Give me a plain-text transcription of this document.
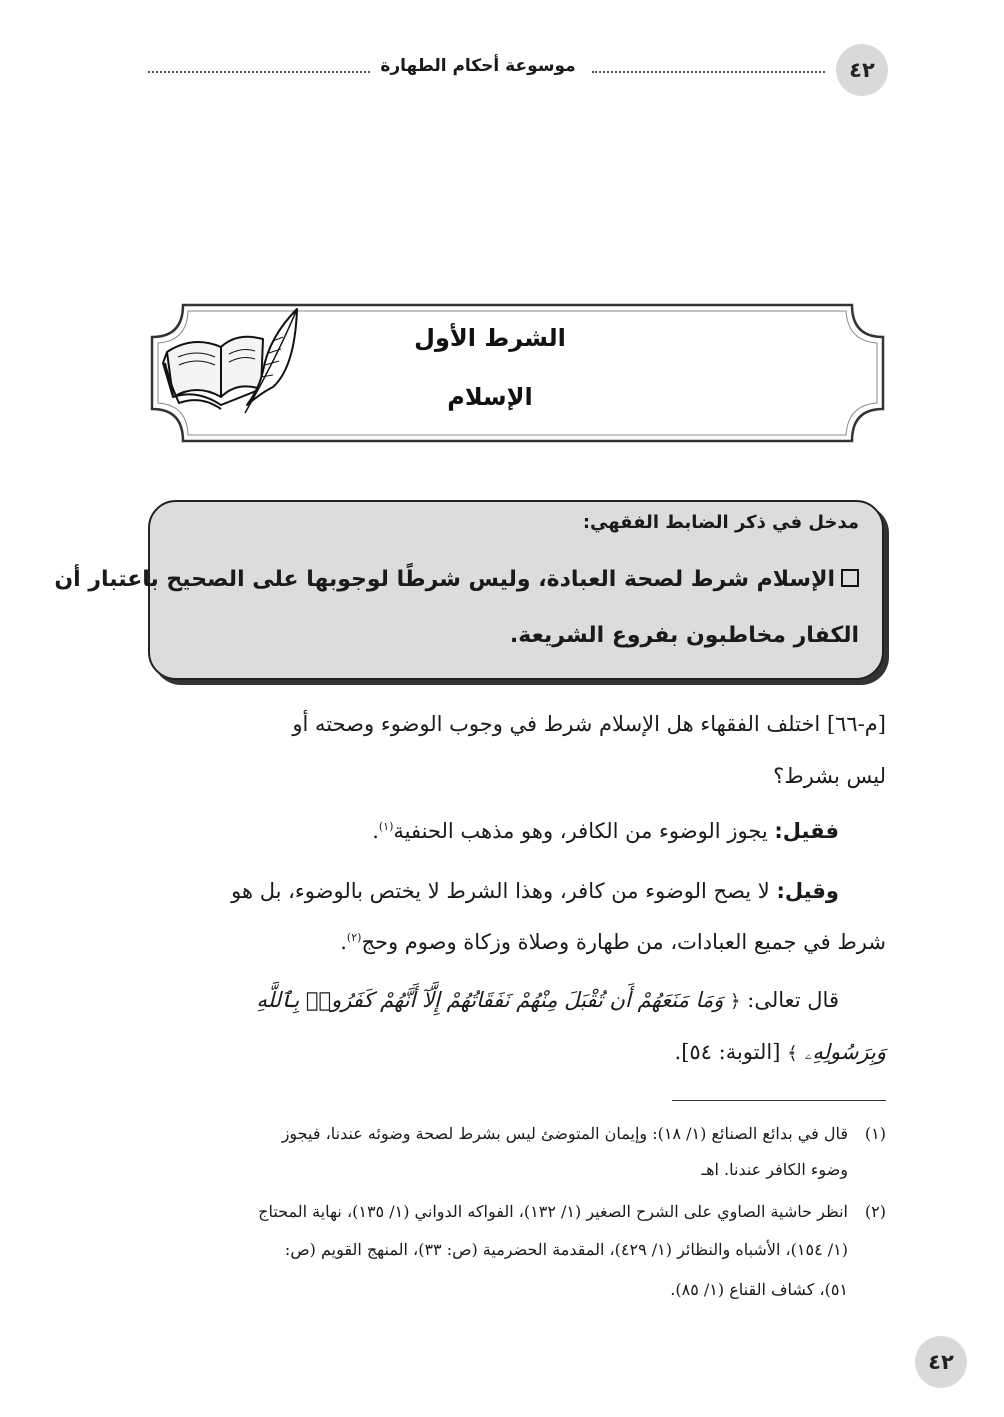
٤٢
موسوعة أحكام الطهارة
الشرط الأول
الإسلام
مدخل في ذكر الضابط الفقهي:
الإسلام شرط لصحة العبادة، وليس شرطًا لوجوبها على الصحيح باعتبار أن
الكفار مخاطبون بفروع الشريعة.
[م-٦٦] اختلف الفقهاء هل الإسلام شرط في وجوب الوضوء وصحته أو
ليس بشرط؟
فقيل: يجوز الوضوء من الكافر، وهو مذهب الحنفية$^{(١)}$.
وقيل: لا يصح الوضوء من كافر، وهذا الشرط لا يختص بالوضوء، بل هو
شرط في جميع العبادات، من طهارة وصلاة وزكاة وصوم وحج$^{(٢)}$.
قال تعالى: ﴿ وَمَا مَنَعَهُمْ أَن تُقْبَلَ مِنْهُمْ نَفَقَاتُهُمْ إِلَّآ أَنَّهُمْ كَفَرُوا۟ بِٱللَّهِ
وَبِرَسُولِهِۦ ﴾ [التوبة: ٥٤].
(١)قال في بدائع الصنائع (١/ ١٨): وإيمان المتوضئ ليس بشرط لصحة وضوئه عندنا، فيجوز
وضوء الكافر عندنا. اهـ
(٢)انظر حاشية الصاوي على الشرح الصغير (١/ ١٣٢)، الفواكه الدواني (١/ ١٣٥)، نهاية المحتاج
(١/ ١٥٤)، الأشباه والنظائر (١/ ٤٢٩)، المقدمة الحضرمية (ص: ٣٣)، المنهج القويم (ص:
٥١)، كشاف القناع (١/ ٨٥).
٤٢
